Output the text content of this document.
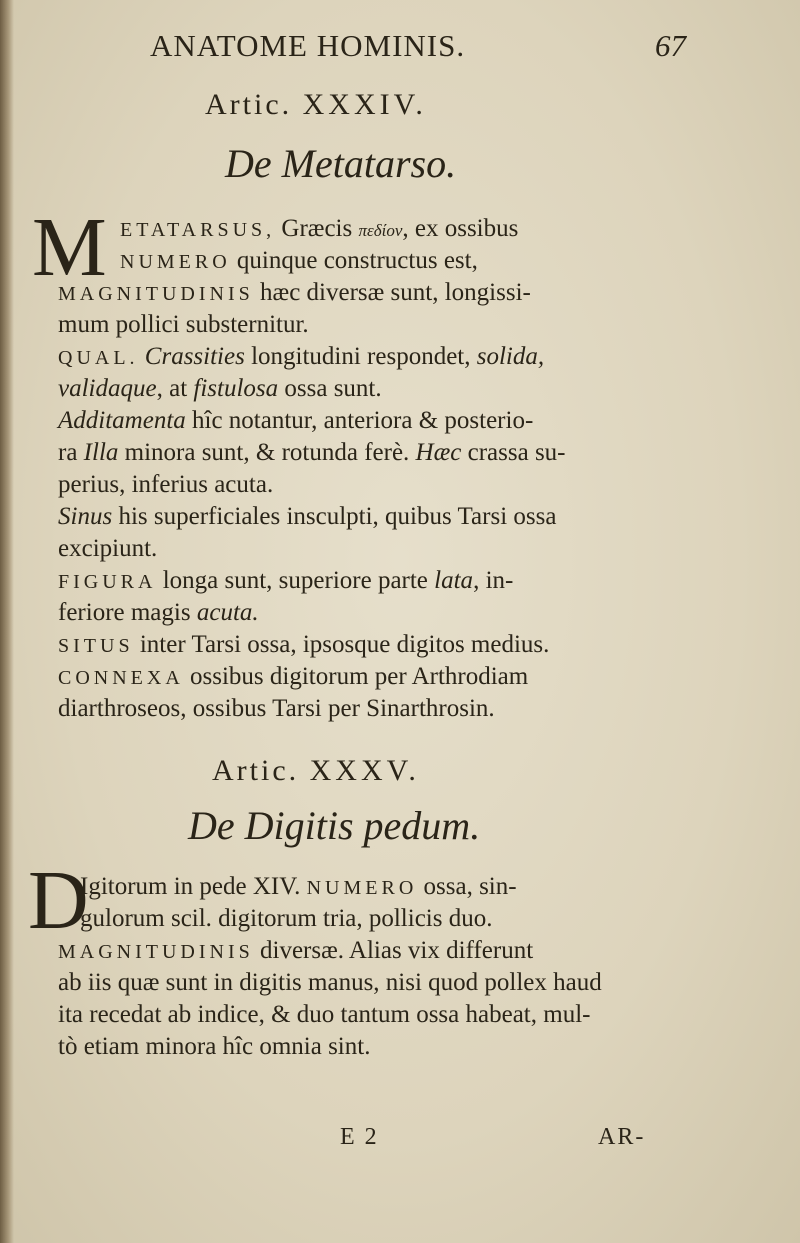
ANATOME HOMINIS.	67
Artic. XXXIV.
De Metatarso.
M ETATARSUS, Græcis πεδίον, ex ossibus
NUMERO quinque constructus est,
MAGNITUDINIS hæc diversæ sunt, longissi-
mum pollici substernitur.
QUAL. Crassities longitudini respondet, solida,
validaque, at fistulosa ossa sunt.
Additamenta hîc notantur, anteriora & posterio-
ra Illa minora sunt, & rotunda ferè. Hæc crassa su-
perius, inferius acuta.
Sinus his superficiales insculpti, quibus Tarsi ossa
excipiunt.
FIGURA longa sunt, superiore parte lata, in-
feriore magis acuta.
SITUS inter Tarsi ossa, ipsosque digitos medius.
CONNEXA ossibus digitorum per Arthrodiam
diarthroseos, ossibus Tarsi per Sinarthrosin.
Artic. XXXV.
De Digitis pedum.
D
Igitorum in pede XIV. NUMERO ossa, sin-
gulorum scil. digitorum tria, pollicis duo.
MAGNITUDINIS diversæ. Alias vix differunt
ab iis quæ sunt in digitis manus, nisi quod pollex haud
ita recedat ab indice, & duo tantum ossa habeat, mul-
tò etiam minora hîc omnia sint.
E 2	AR-
